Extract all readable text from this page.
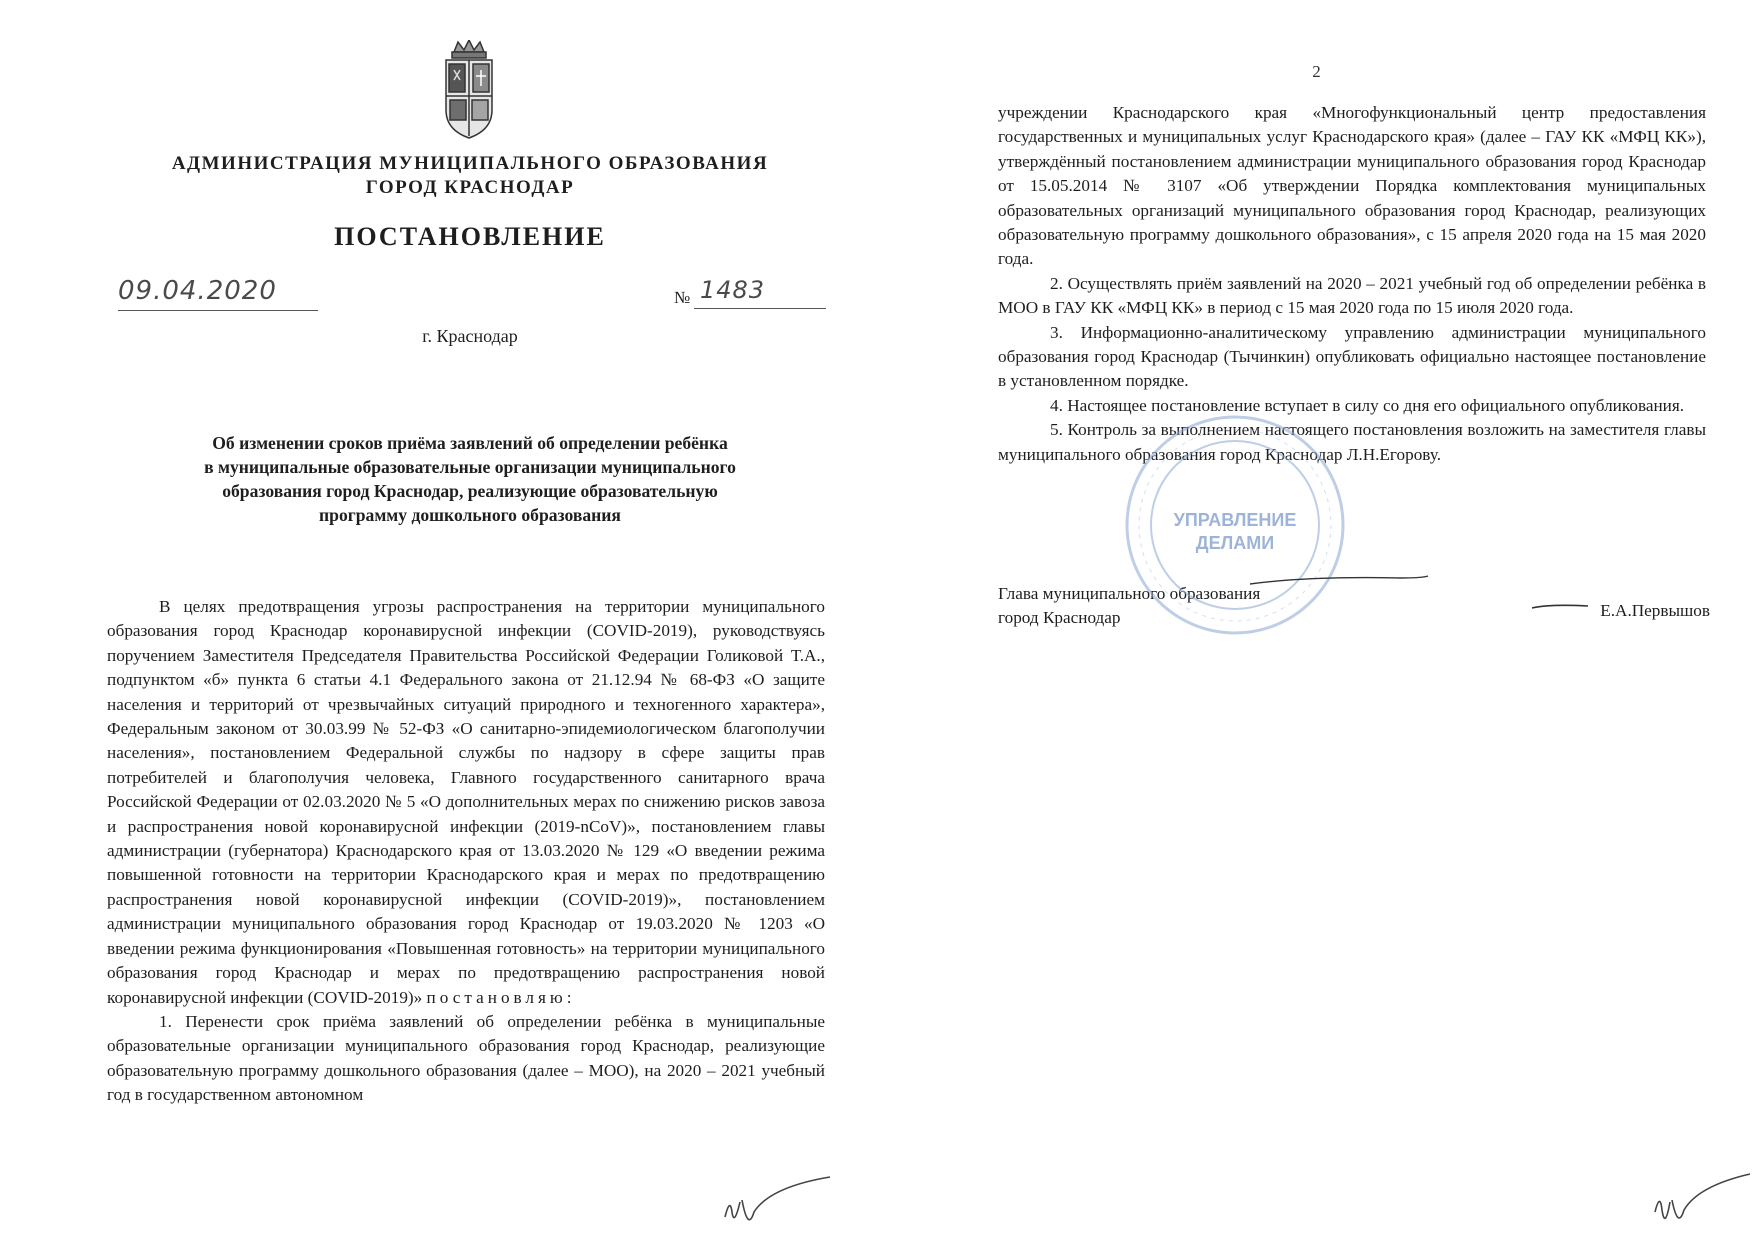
АДМИНИСТРАЦИЯ МУНИЦИПАЛЬНОГО ОБРАЗОВАНИЯ
ГОРОД КРАСНОДАР
ПОСТАНОВЛЕНИЕ
09.04.2020	№ 1483
г. Краснодар
Об изменении сроков приёма заявлений об определении ребёнка
в муниципальные образовательные организации муниципального
образования город Краснодар, реализующие образовательную
программу дошкольного образования

В целях предотвращения угрозы распространения на территории муниципального образования город Краснодар коронавирусной инфекции (COVID-2019), руководствуясь поручением Заместителя Председателя Правительства Российской Федерации Голиковой Т.А., подпунктом «б» пункта 6 статьи 4.1 Федерального закона от 21.12.94 № 68-ФЗ «О защите населения и территорий от чрезвычайных ситуаций природного и техногенного характера», Федеральным законом от 30.03.99 № 52-ФЗ «О санитарно-эпидемиологическом благополучии населения», постановлением Федеральной службы по надзору в сфере защиты прав потребителей и благополучия человека, Главного государственного санитарного врача Российской Федерации от 02.03.2020 № 5 «О дополнительных мерах по снижению рисков завоза и распространения новой коронавирусной инфекции (2019-nCoV)», постановлением главы администрации (губернатора) Краснодарского края от 13.03.2020 № 129 «О введении режима повышенной готовности на территории Краснодарского края и мерах по предотвращению распространения новой коронавирусной инфекции (COVID-2019)», постановлением администрации муниципального образования город Краснодар от 19.03.2020 № 1203 «О введении режима функционирования «Повышенная готовность» на территории муниципального образования город Краснодар и мерах по предотвращению распространения новой коронавирусной инфекции (COVID-2019)» постановляю:

1. Перенести срок приёма заявлений об определении ребёнка в муниципальные образовательные организации муниципального образования город Краснодар, реализующие образовательную программу дошкольного образования (далее – МОО), на 2020 – 2021 учебный год в государственном автономном

2

учреждении Краснодарского края «Многофункциональный центр предоставления государственных и муниципальных услуг Краснодарского края» (далее – ГАУ КК «МФЦ КК»), утверждённый постановлением администрации муниципального образования город Краснодар от 15.05.2014 № 3107 «Об утверждении Порядка комплектования муниципальных образовательных организаций муниципального образования город Краснодар, реализующих образовательную программу дошкольного образования», с 15 апреля 2020 года на 15 мая 2020 года.

2. Осуществлять приём заявлений на 2020 – 2021 учебный год об определении ребёнка в МОО в ГАУ КК «МФЦ КК» в период с 15 мая 2020 года по 15 июля 2020 года.

3. Информационно-аналитическому управлению администрации муниципального образования город Краснодар (Тычинкин) опубликовать официально настоящее постановление в установленном порядке.

4. Настоящее постановление вступает в силу со дня его официального опубликования.

5. Контроль за выполнением настоящего постановления возложить на заместителя главы муниципального образования город Краснодар Л.Н.Егорову.

Глава муниципального образования
город Краснодар	Е.А.Первышов
УПРАВЛЕНИЕ
ДЕЛАМИ
